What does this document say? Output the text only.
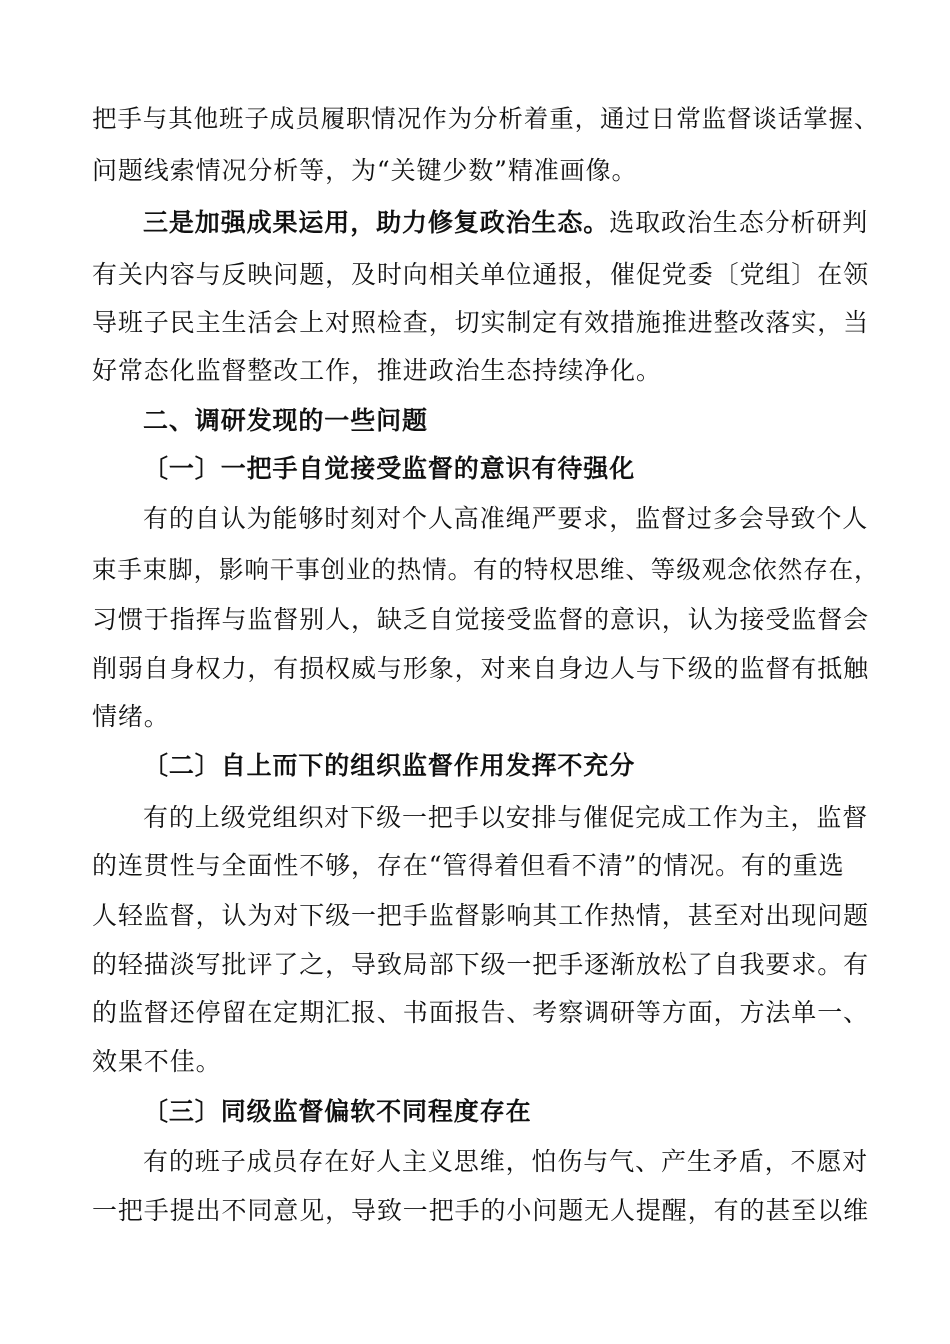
把手与其他班子成员履职情况作为分析着重，通过日常监督谈话掌握、
问题线索情况分析等，为“关键少数”精准画像。
三是加强成果运用，助力修复政治生态。选取政治生态分析研判
有关内容与反映问题，及时向相关单位通报，催促党委〔党组〕在领
导班子民主生活会上对照检查，切实制定有效措施推进整改落实，当
好常态化监督整改工作，推进政治生态持续净化。
二、调研发现的一些问题
〔一〕一把手自觉接受监督的意识有待强化
有的自认为能够时刻对个人高准绳严要求，监督过多会导致个人
束手束脚，影响干事创业的热情。有的特权思维、等级观念依然存在，
习惯于指挥与监督别人，缺乏自觉接受监督的意识，认为接受监督会
削弱自身权力，有损权威与形象，对来自身边人与下级的监督有抵触
情绪。
〔二〕自上而下的组织监督作用发挥不充分
有的上级党组织对下级一把手以安排与催促完成工作为主，监督
的连贯性与全面性不够，存在“管得着但看不清”的情况。有的重选
人轻监督，认为对下级一把手监督影响其工作热情，甚至对出现问题
的轻描淡写批评了之，导致局部下级一把手逐渐放松了自我要求。有
的监督还停留在定期汇报、书面报告、考察调研等方面，方法单一、
效果不佳。
〔三〕同级监督偏软不同程度存在
有的班子成员存在好人主义思维，怕伤与气、产生矛盾，不愿对
一把手提出不同意见，导致一把手的小问题无人提醒，有的甚至以维
